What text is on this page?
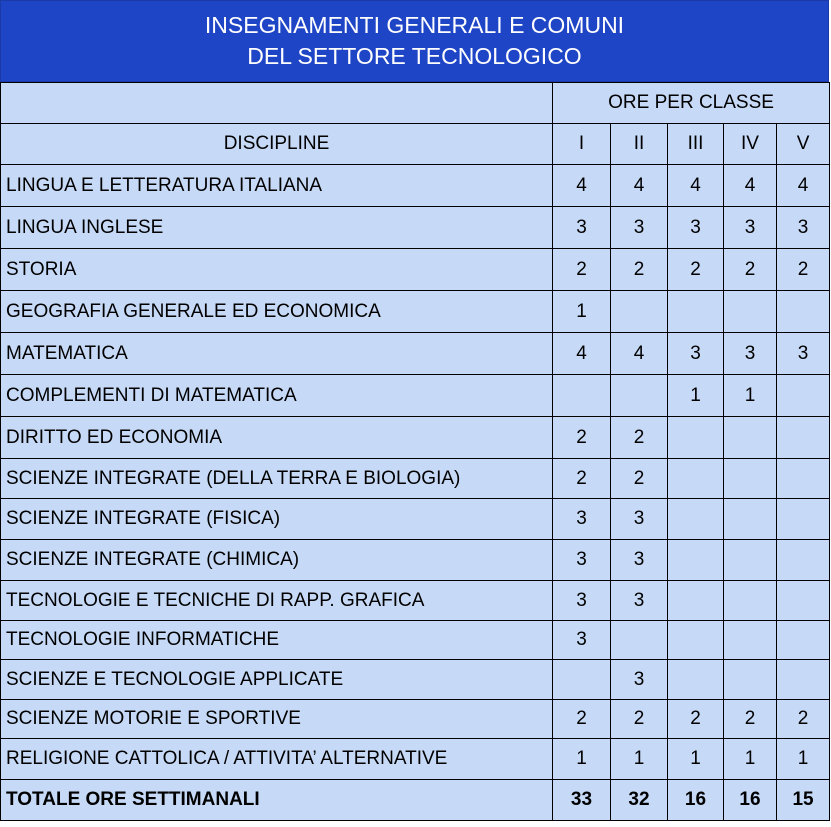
INSEGNAMENTI GENERALI E COMUNI
DEL SETTORE TECNOLOGICO
	ORE PER CLASSE				
DISCIPLINE	I	II	III	IV	V
LINGUA E LETTERATURA ITALIANA	4	4	4	4	4
LINGUA INGLESE	3	3	3	3	3
STORIA	2	2	2	2	2
GEOGRAFIA GENERALE ED ECONOMICA	1				
MATEMATICA	4	4	3	3	3
COMPLEMENTI DI MATEMATICA			1	1	
DIRITTO ED ECONOMIA	2	2			
SCIENZE INTEGRATE (DELLA TERRA E BIOLOGIA)	2	2			
SCIENZE INTEGRATE (FISICA)	3	3			
SCIENZE INTEGRATE (CHIMICA)	3	3			
TECNOLOGIE E TECNICHE DI RAPP. GRAFICA	3	3			
TECNOLOGIE INFORMATICHE	3				
SCIENZE E TECNOLOGIE APPLICATE		3			
SCIENZE MOTORIE E SPORTIVE	2	2	2	2	2
RELIGIONE CATTOLICA / ATTIVITA’ ALTERNATIVE	1	1	1	1	1
TOTALE ORE SETTIMANALI	33	32	16	16	15
